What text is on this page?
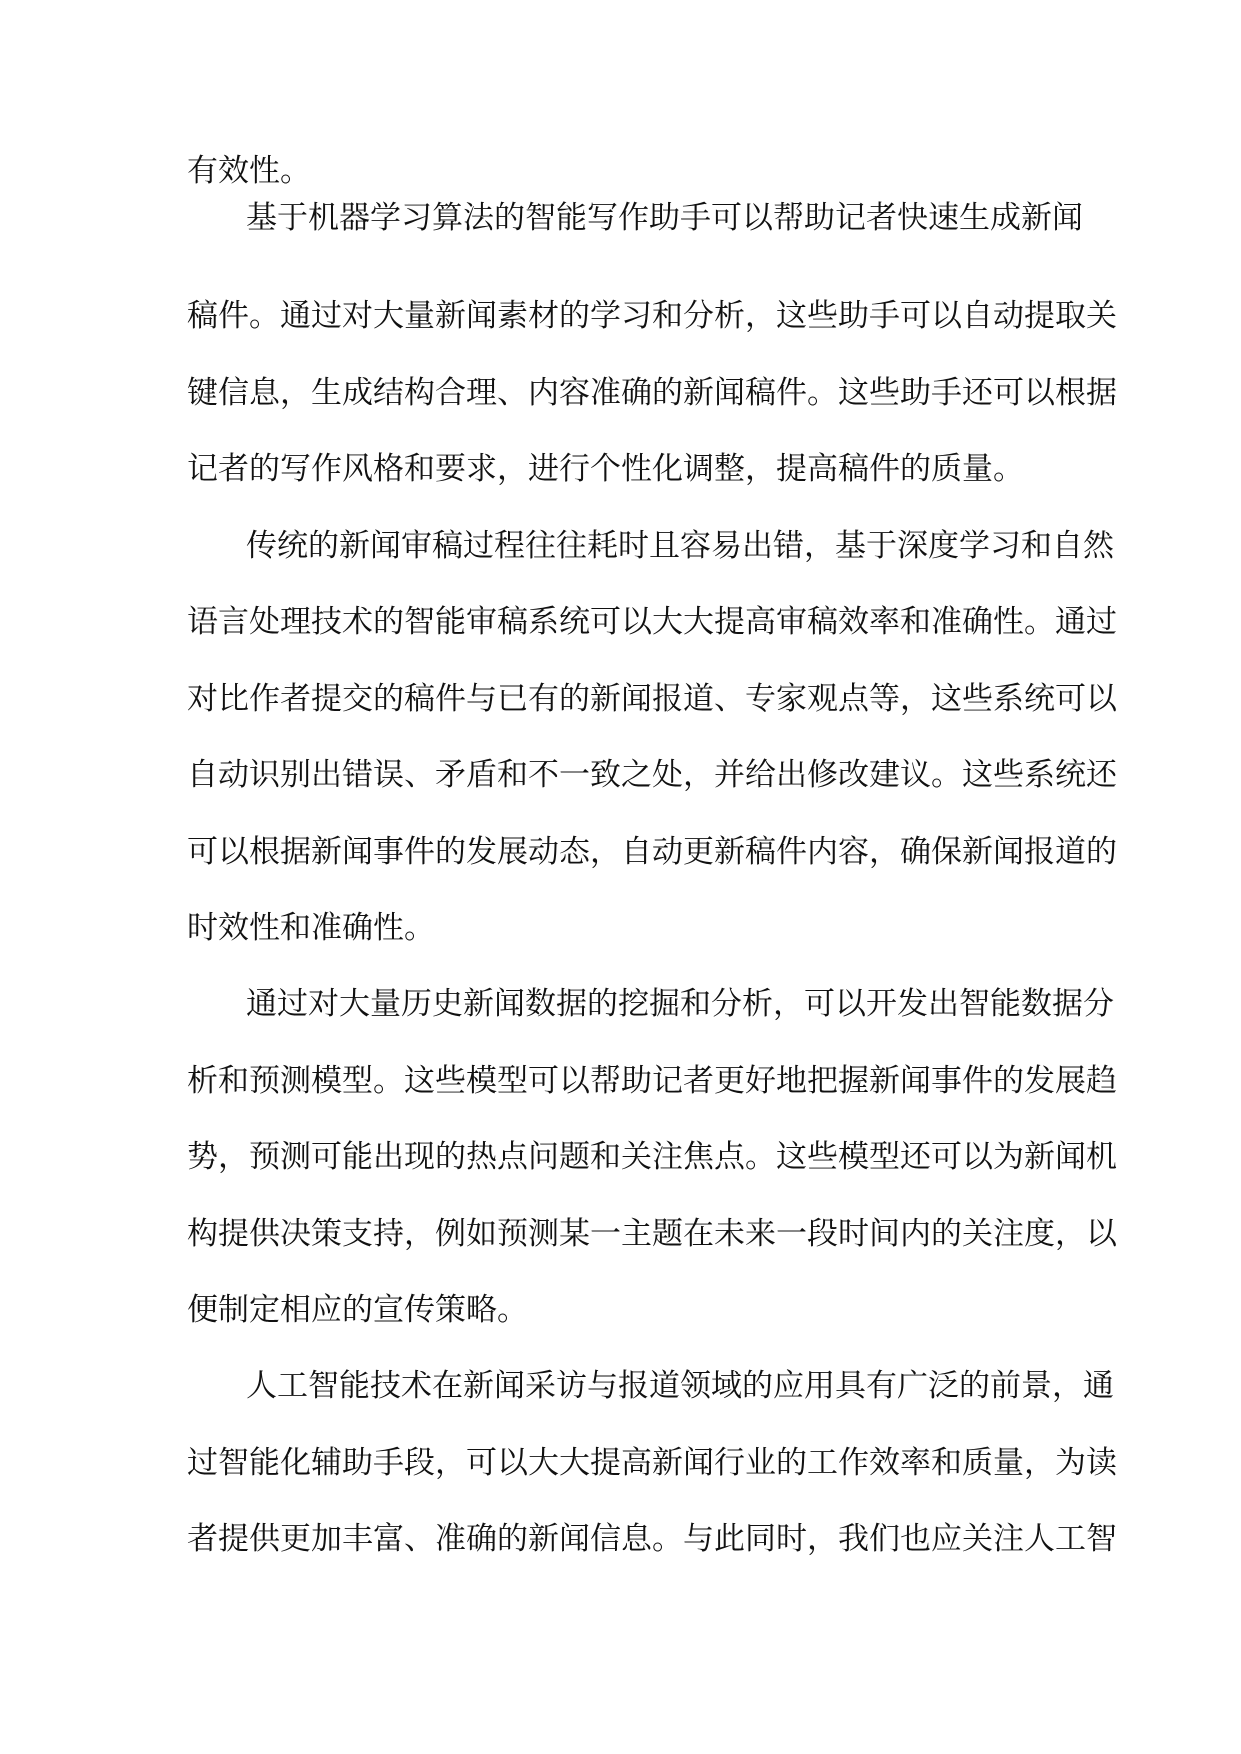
有效性。
基于机器学习算法的智能写作助手可以帮助记者快速生成新闻
稿件。通过对大量新闻素材的学习和分析，这些助手可以自动提取关
键信息，生成结构合理、内容准确的新闻稿件。这些助手还可以根据
记者的写作风格和要求，进行个性化调整，提高稿件的质量。
传统的新闻审稿过程往往耗时且容易出错，基于深度学习和自然
语言处理技术的智能审稿系统可以大大提高审稿效率和准确性。通过
对比作者提交的稿件与已有的新闻报道、专家观点等，这些系统可以
自动识别出错误、矛盾和不一致之处，并给出修改建议。这些系统还
可以根据新闻事件的发展动态，自动更新稿件内容，确保新闻报道的
时效性和准确性。
通过对大量历史新闻数据的挖掘和分析，可以开发出智能数据分
析和预测模型。这些模型可以帮助记者更好地把握新闻事件的发展趋
势，预测可能出现的热点问题和关注焦点。这些模型还可以为新闻机
构提供决策支持，例如预测某一主题在未来一段时间内的关注度，以
便制定相应的宣传策略。
人工智能技术在新闻采访与报道领域的应用具有广泛的前景，通
过智能化辅助手段，可以大大提高新闻行业的工作效率和质量，为读
者提供更加丰富、准确的新闻信息。与此同时，我们也应关注人工智
